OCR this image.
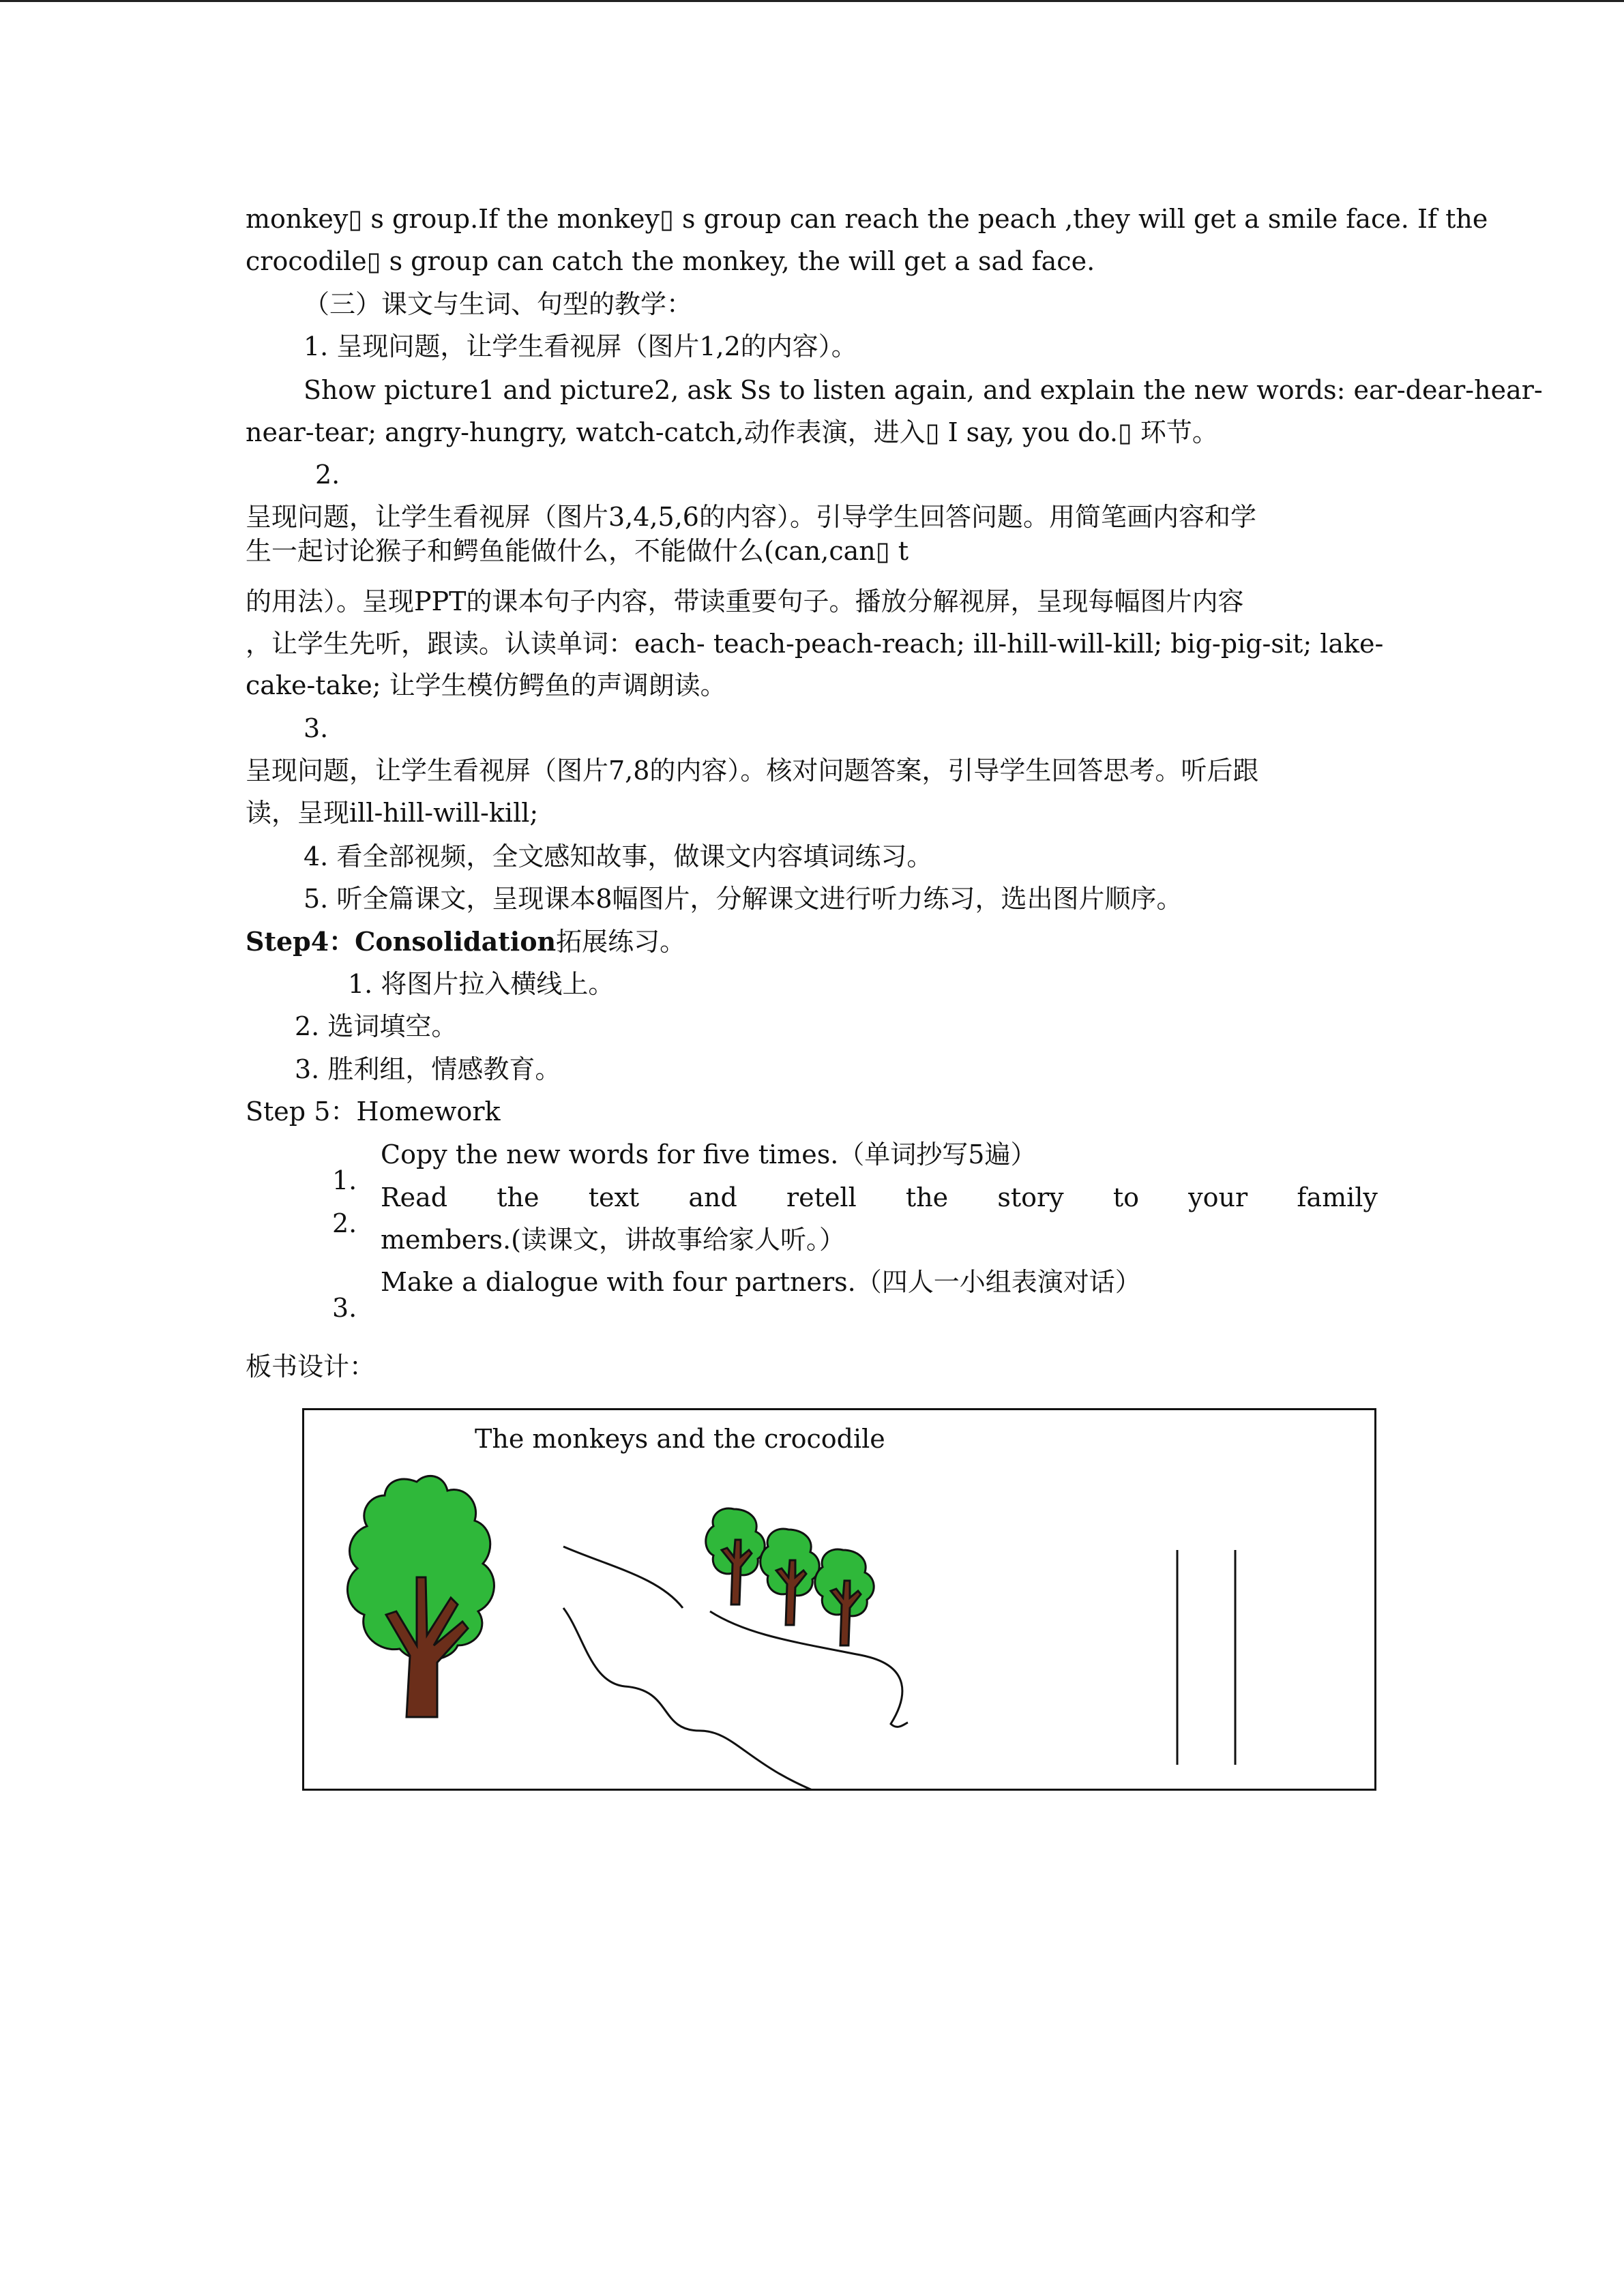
monkey▯ s group.If the monkey▯ s group can reach the peach ,they will get a smile face. If the

crocodile▯ s group can catch the monkey, the will get a sad face.

（三）课文与生词、句型的教学：

1. 呈现问题，让学生看视屏（图片1,2的内容）。

Show picture1 and picture2, ask Ss to listen again, and explain the new words: ear-dear-hear-

near-tear; angry-hungry, watch-catch,动作表演，进入▯ I say, you do.▯ 环节。

2.

呈现问题，让学生看视屏（图片3,4,5,6的内容）。引导学生回答问题。用简笔画内容和学

生一起讨论猴子和鳄鱼能做什么，不能做什么(can,can▯ t

的用法）。呈现PPT的课本句子内容，带读重要句子。播放分解视屏，呈现每幅图片内容

，让学生先听，跟读。认读单词：each- teach-peach-reach; ill-hill-will-kill; big-pig-sit; lake-

cake-take; 让学生模仿鳄鱼的声调朗读。

3.

呈现问题，让学生看视屏（图片7,8的内容）。核对问题答案，引导学生回答思考。听后跟

读，呈现ill-hill-will-kill;

4. 看全部视频，全文感知故事，做课文内容填词练习。

5. 听全篇课文，呈现课本8幅图片，分解课文进行听力练习，选出图片顺序。

Step4：Consolidation拓展练习。

1. 将图片拉入横线上。

2. 选词填空。

3. 胜利组，情感教育。

Step 5：Homework

1.

Copy the new words for five times.（单词抄写5遍）

2.

Read the text and retell the story to your family

members.(读课文，讲故事给家人听。）

3.

Make a dialogue with four partners.（四人一小组表演对话）

板书设计：

The monkeys and the crocodile
